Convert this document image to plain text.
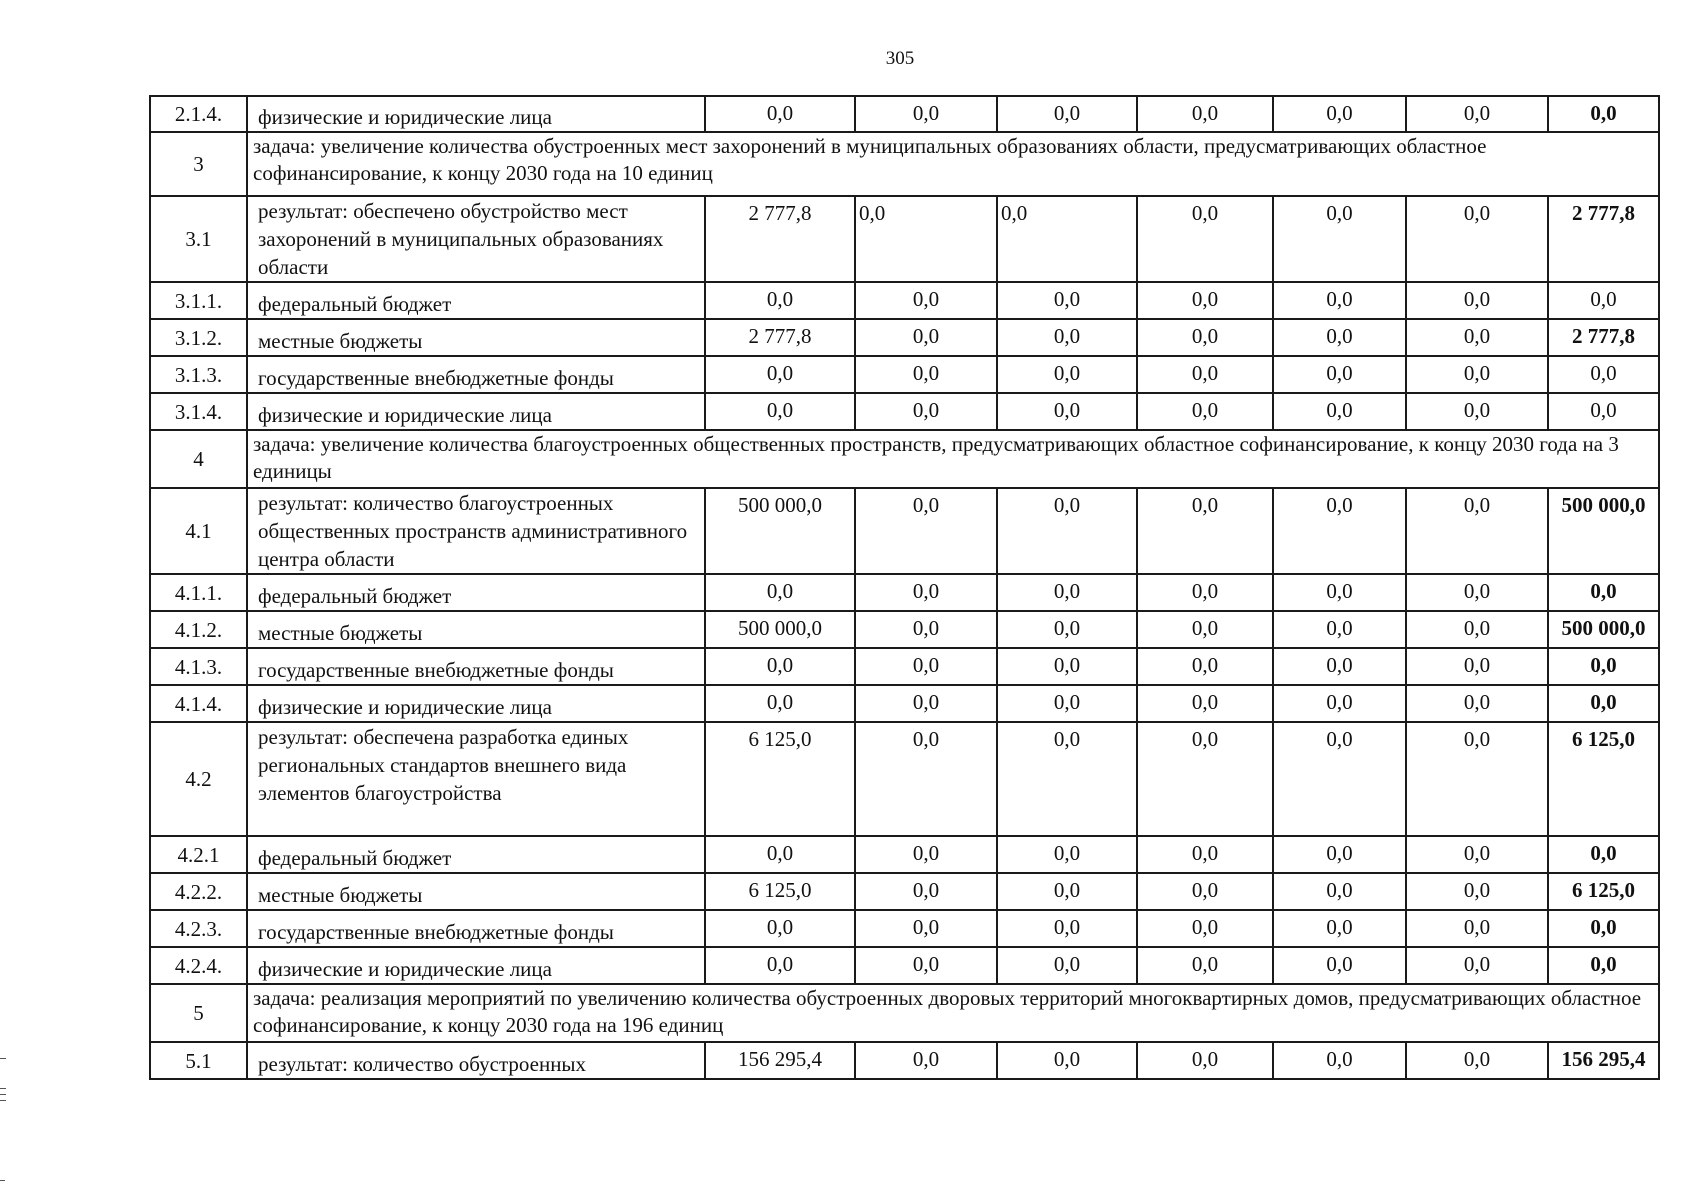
305
2.1.4.	физические и юридические лица	0,0	0,0	0,0	0,0	0,0	0,0	0,0
3	задача: увеличение количества обустроенных мест захоронений в муниципальных образованиях области, предусматривающих областное софинансирование, к концу 2030 года на 10 единиц							
3.1	результат: обеспечено обустройство мест захоронений в муниципальных образованиях области	2 777,8	0,0	0,0	0,0	0,0	0,0	2 777,8
3.1.1.	федеральный бюджет	0,0	0,0	0,0	0,0	0,0	0,0	0,0
3.1.2.	местные бюджеты	2 777,8	0,0	0,0	0,0	0,0	0,0	2 777,8
3.1.3.	государственные внебюджетные фонды	0,0	0,0	0,0	0,0	0,0	0,0	0,0
3.1.4.	физические и юридические лица	0,0	0,0	0,0	0,0	0,0	0,0	0,0
4	задача: увеличение количества благоустроенных общественных пространств, предусматривающих областное софинансирование, к концу 2030 года на 3 единицы							
4.1	результат: количество благоустроенных общественных пространств административного центра области	500 000,0	0,0	0,0	0,0	0,0	0,0	500 000,0
4.1.1.	федеральный бюджет	0,0	0,0	0,0	0,0	0,0	0,0	0,0
4.1.2.	местные бюджеты	500 000,0	0,0	0,0	0,0	0,0	0,0	500 000,0
4.1.3.	государственные внебюджетные фонды	0,0	0,0	0,0	0,0	0,0	0,0	0,0
4.1.4.	физические и юридические лица	0,0	0,0	0,0	0,0	0,0	0,0	0,0
4.2	результат: обеспечена разработка единых региональных стандартов внешнего вида элементов благоустройства	6 125,0	0,0	0,0	0,0	0,0	0,0	6 125,0
4.2.1	федеральный бюджет	0,0	0,0	0,0	0,0	0,0	0,0	0,0
4.2.2.	местные бюджеты	6 125,0	0,0	0,0	0,0	0,0	0,0	6 125,0
4.2.3.	государственные внебюджетные фонды	0,0	0,0	0,0	0,0	0,0	0,0	0,0
4.2.4.	физические и юридические лица	0,0	0,0	0,0	0,0	0,0	0,0	0,0
5	задача: реализация мероприятий по увеличению количества обустроенных дворовых территорий многоквартирных домов, предусматривающих областное софинансирование, к концу 2030 года на 196 единиц							
5.1	результат: количество обустроенных	156 295,4	0,0	0,0	0,0	0,0	0,0	156 295,4
